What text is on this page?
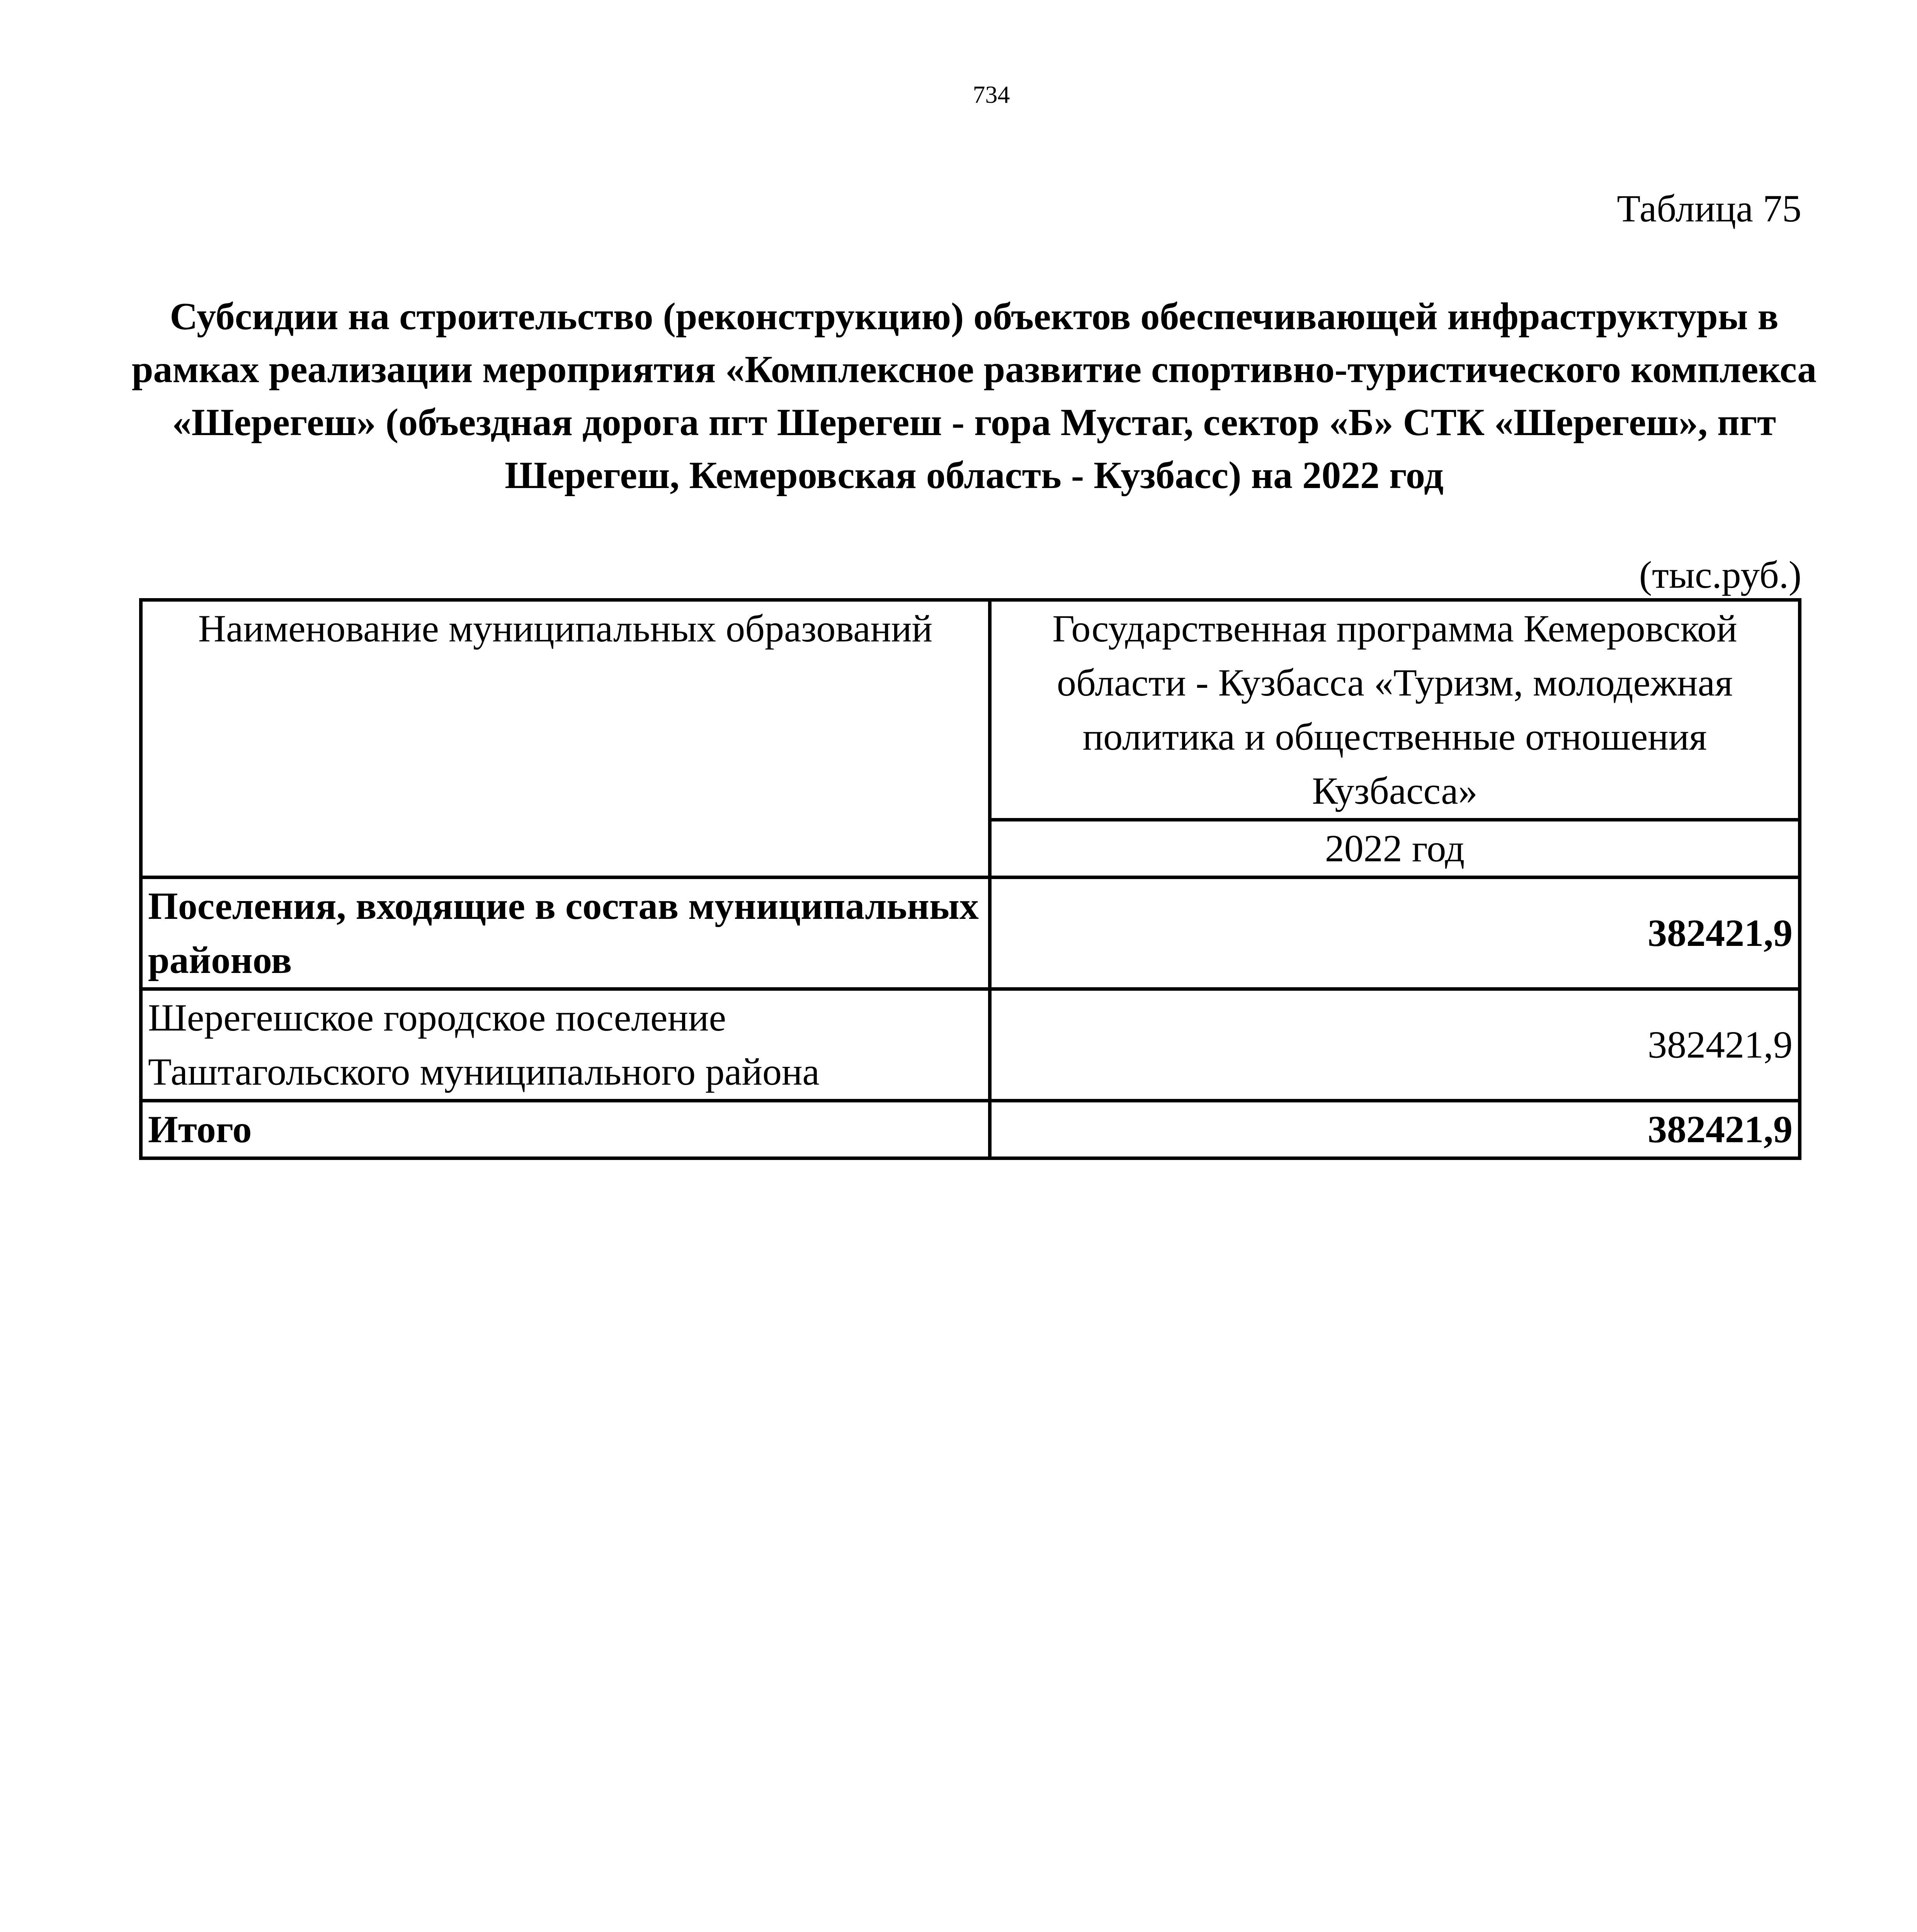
734
Таблица 75
Субсидии на строительство (реконструкцию) объектов обеспечивающей инфраструктуры в рамках реализации мероприятия «Комплексное развитие спортивно-туристического комплекса «Шерегеш» (объездная дорога пгт Шерегеш - гора Мустаг, сектор «Б» СТК «Шерегеш», пгт Шерегеш, Кемеровская область - Кузбасс) на 2022 год
(тыс.руб.)
Наименование муниципальных образований	Государственная программа Кемеровской области - Кузбасса «Туризм, молодежная политика и общественные отношения Кузбасса»
	2022 год
Поселения, входящие в состав муниципальных районов	382421,9
Шерегешское городское поселение Таштагольского муниципального района	382421,9
Итого	382421,9
